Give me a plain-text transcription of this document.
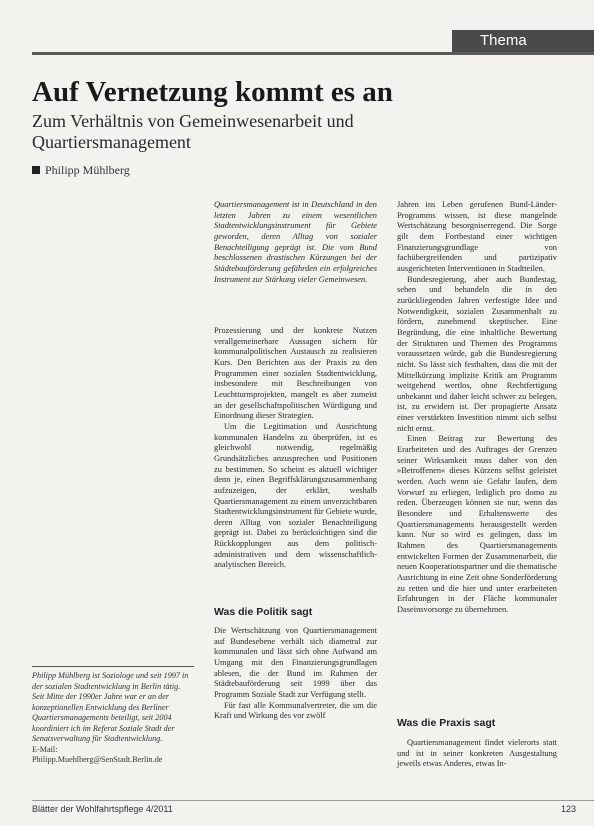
Thema
Auf Vernetzung kommt es an
Zum Verhältnis von Gemeinwesenarbeit und Quartiersmanagement
Philipp Mühlberg

Quartiersmanagement ist in Deutschland in den letzten Jahren zu einem wesentlichen Stadtentwicklungsinstrument für Gebiete geworden, deren Alltag von sozialer Benachteiligung geprägt ist. Die vom Bund beschlossenen drastischen Kürzungen bei der Städtebauförderung gefährden ein erfolgreiches Instrument zur Stärkung vieler Gemeinwesen.

Prozessierung und der konkrete Nutzen verallgemeinerbare Aussagen sichern für kommunalpolitischen Austausch zu realisieren Kurs. Den Berichten aus der Praxis zu den Programmen einer sozialen Stadtentwicklung, insbesondere mit Beschreibungen von Leuchtturmprojekten, mangelt es aber zumeist an der gesellschaftspolitischen Würdigung und Einordnung dieser Strategien.

Um die Legitimation und Ausrichtung kommunalen Handelns zu überprüfen, ist es gleichwohl notwendig, regelmäßig Grundsätzliches anzusprechen und Positionen zu bestimmen. So scheint es aktuell wichtiger denn je, einen Begriffsklärungszusammenhang aufzuzeigen, der erklärt, weshalb Quartiersmanagement zu einem unverzichtbaren Stadtentwicklungsinstrument für Gebiete wurde, deren Alltag von sozialer Benachteiligung geprägt ist. Dabei zu berücksichtigen sind die Rückkopplungen aus dem politisch-administrativen und dem wissenschaftlich-analytischen Bereich.

Was die Politik sagt

Die Wertschätzung von Quartiersmanagement auf Bundesebene verhält sich diametral zur kommunalen und lässt sich ohne Aufwand am Umgang mit den Finanzierungsgrundlagen ablesen, die der Bund im Rahmen der Städtebauförderung seit 1999 über das Programm Soziale Stadt zur Verfügung stellt.

Für fast alle Kommunalvertreter, die um die Kraft und Wirkung des vor zwölf

Jahren ins Leben gerufenen Bund-Länder-Programms wissen, ist diese mangelnde Wertschätzung besorgniserregend. Die Sorge gilt dem Fortbestand einer wichtigen Finanzierungsgrundlage von fachübergreifenden und partizipativ ausgerichteten Interventionen in Stadtteilen.

Bundesregierung, aber auch Bundestag, sehen und behandeln die in den zurückliegenden Jahren verfestigte Idee und Notwendigkeit, sozialen Zusammenhalt zu fördern, zunehmend skeptischer. Eine Begründung, die eine inhaltliche Bewertung der Strukturen und Themen des Programms voraussetzen würde, gab die Bundesregierung nicht. So lässt sich festhalten, dass die mit der Mittelkürzung implizite Kritik am Programm weitgehend wertlos, ohne Rechtfertigung unbekannt und daher leicht schwer zu belegen, ist, zu erwidern ist. Der propagierte Ansatz einer verstärkten Investition nimmt sich selbst nicht ernst.

Einen Beitrag zur Bewertung des Erarbeiteten und des Auftrages der Grenzen seiner Wirksamkeit muss daher von den »Betroffenen« dieses Kürzens selbst geleistet werden. Auch wenn sie Gefahr laufen, dem Vorwurf zu erliegen, lediglich pro domo zu reden. Überzeugen können sie nur, wenn das Besondere und Erhaltenswerte des Quartiersmanagements herausgestellt werden kann. Nur so wird es gelingen, dass im Rahmen des Quartiersmanagements entwickelten Formen der Zusammenarbeit, die neuen Kooperationspartner und die thematische Ausrichtung in eine Zeit ohne Sonderförderung zu retten und die hier und unter erarbeiteten Erfahrungen in der Fläche kommunaler Daseinsvorsorge zu übernehmen.

Was die Praxis sagt

Quartiersmanagement findet vielerorts statt und ist in seiner konkreten Ausgestaltung jeweils etwas Anderes, etwas In-

Philipp Mühlberg ist Soziologe und seit 1997 in der sozialen Stadtentwicklung in Berlin tätig. Seit Mitte der 1990er Jahre war er an der konzeptionellen Entwicklung des Berliner Quartiersmanagements beteiligt, seit 2004 koordiniert ich im Referat Soziale Stadt der Senatsverwaltung für Stadtentwicklung.
E-Mail:
Philipp.Muehlberg@SenStadt.Berlin.de
Blätter der Wohlfahrtspflege 4/2011	123
